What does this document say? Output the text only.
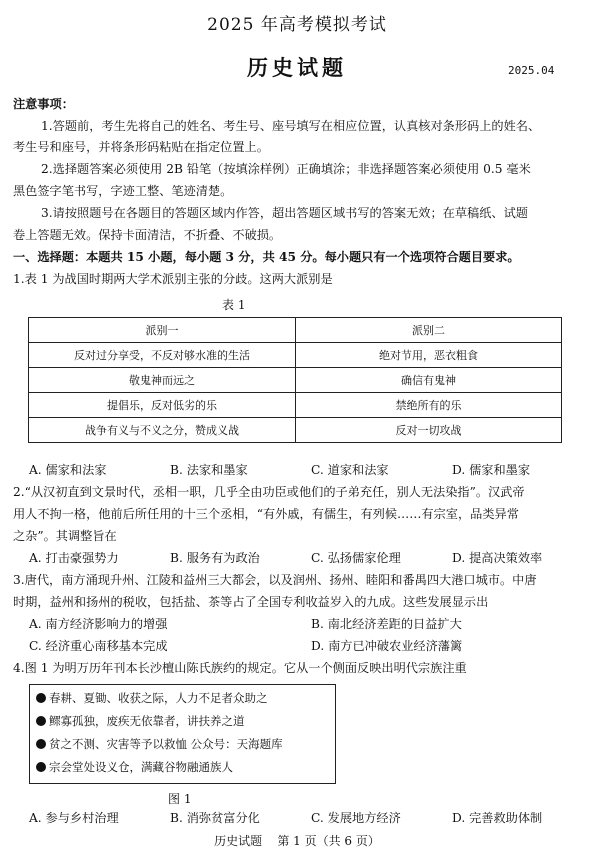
2025 年高考模拟考试
历史试题	2025.04
注意事项：
1.答题前，考生先将自己的姓名、考生号、座号填写在相应位置，认真核对条形码上的姓名、
考生号和座号，并将条形码粘贴在指定位置上。
2.选择题答案必须使用 2B 铅笔（按填涂样例）正确填涂；非选择题答案必须使用 0.5 毫米
黑色签字笔书写，字迹工整、笔迹清楚。
3.请按照题号在各题目的答题区域内作答，超出答题区域书写的答案无效；在草稿纸、试题
卷上答题无效。保持卡面清洁，不折叠、不破损。
一、选择题：本题共 15 小题，每小题 3 分，共 45 分。每小题只有一个选项符合题目要求。
1.表 1 为战国时期两大学术派别主张的分歧。这两大派别是
表 1
派别一	派别二
反对过分享受，不反对够水准的生活	绝对节用，恶衣粗食
敬鬼神而远之	确信有鬼神
提倡乐，反对低劣的乐	禁绝所有的乐
战争有义与不义之分，赞成义战	反对一切攻战
A. 儒家和法家	B. 法家和墨家	C. 道家和法家	D. 儒家和墨家
2.“从汉初直到文景时代，丞相一职，几乎全由功臣或他们的子弟充任，别人无法染指”。汉武帝
用人不拘一格，他前后所任用的十三个丞相，“有外戚，有儒生，有列候……有宗室，品类异常
之杂”。其调整旨在
A. 打击豪强势力	B. 服务有为政治	C. 弘扬儒家伦理	D. 提高决策效率
3.唐代，南方涌现升州、江陵和益州三大都会，以及润州、扬州、睦阳和番禺四大港口城市。中唐
时期，益州和扬州的税收，包括盐、茶等占了全国专利收益岁入的九成。这些发展显示出
A. 南方经济影响力的增强	B. 南北经济差距的日益扩大
C. 经济重心南移基本完成	D. 南方已冲破农业经济藩篱
4.图 1 为明万历年刊本长沙檀山陈氏族约的规定。它从一个侧面反映出明代宗族注重
春耕、夏锄、收获之际，人力不足者众助之
鳏寡孤独，废疾无依靠者，讲扶养之道
贫之不测、灾害等予以救恤 公众号：天海题库
宗会堂处设义仓，满藏谷物融通族人
图 1
A. 参与乡村治理	B. 消弥贫富分化	C. 发展地方经济	D. 完善救助体制
历史试题    第 1 页（共 6 页）
